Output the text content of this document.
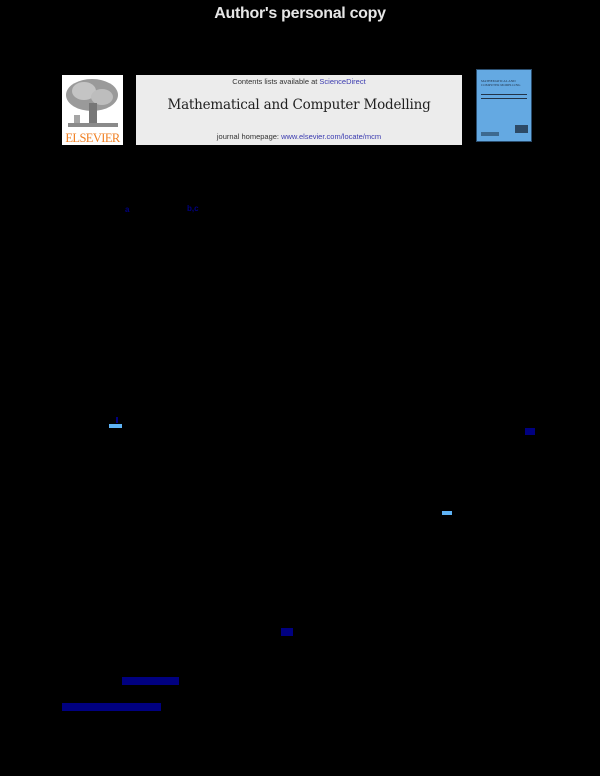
Author's personal copy
ELSEVIER
Contents lists available at ScienceDirect
Mathematical and Computer Modelling
journal homepage: www.elsevier.com/locate/mcm
MATHEMATICAL AND COMPUTER MODELLING
a	b,c
